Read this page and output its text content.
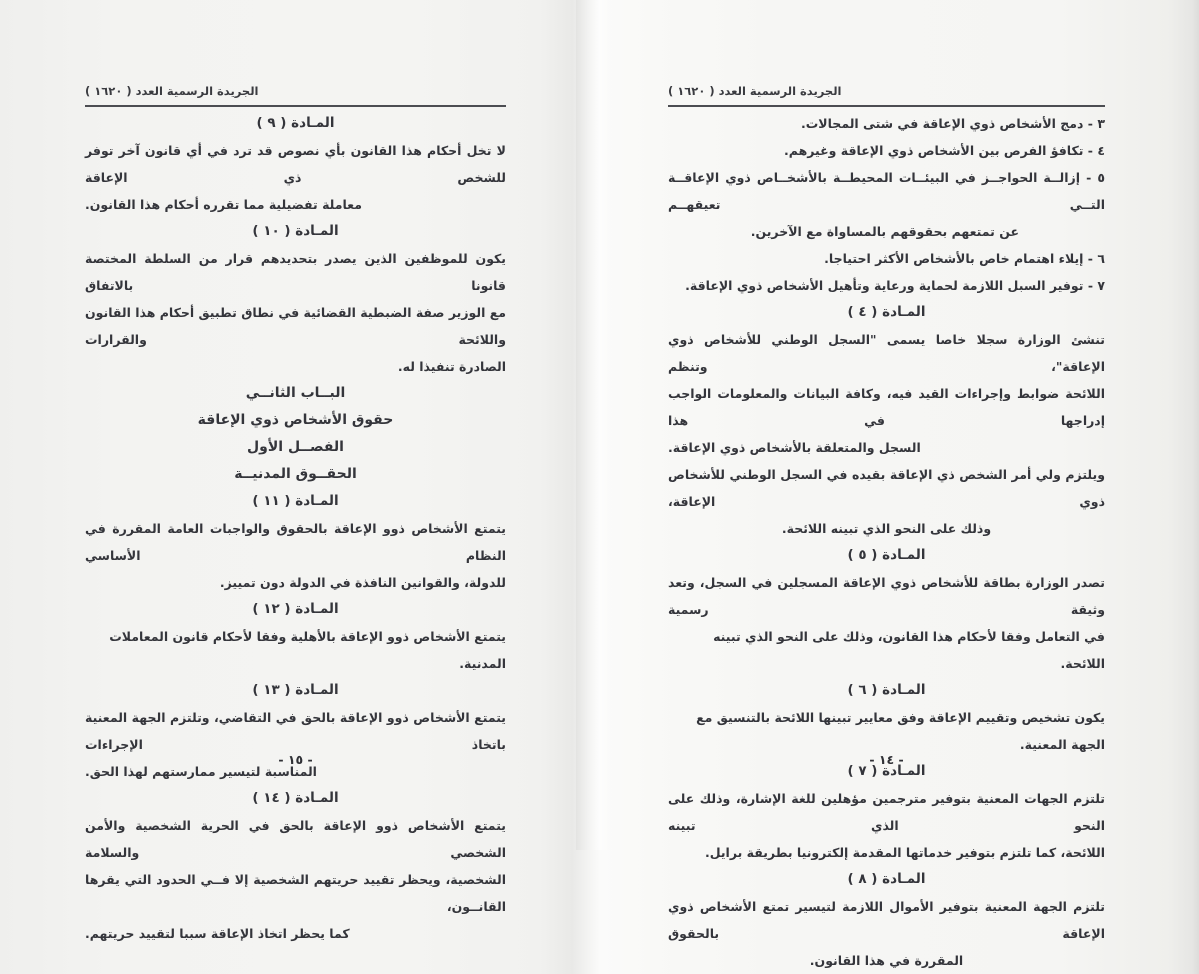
الجريدة الرسمية العدد ( ١٦٢٠ )
المـادة ( ٩ )
لا تخل أحكام هذا القانون بأي نصوص قد ترد في أي قانون آخر توفر للشخص ذي الإعاقة
معاملة تفضيلية مما تقرره أحكام هذا القانون.
المـادة ( ١٠ )
يكون للموظفين الذين يصدر بتحديدهم قرار من السلطة المختصة قانونا بالاتفاق
مع الوزير صفة الضبطية القضائية في نطاق تطبيق أحكام هذا القانون واللائحة والقرارات
الصادرة تنفيذا له.
البــاب الثانــي
حقوق الأشخاص ذوي الإعاقة
الفصــل الأول
الحقــوق المدنيــة
المـادة ( ١١ )
يتمتع الأشخاص ذوو الإعاقة بالحقوق والواجبات العامة المقررة في النظام الأساسي
للدولة، والقوانين النافذة في الدولة دون تمييز.
المـادة ( ١٢ )
يتمتع الأشخاص ذوو الإعاقة بالأهلية وفقا لأحكام قانون المعاملات المدنية.
المـادة ( ١٣ )
يتمتع الأشخاص ذوو الإعاقة بالحق في التقاضي، وتلتزم الجهة المعنية باتخاذ الإجراءات
المناسبة لتيسير ممارستهم لهذا الحق.
المـادة ( ١٤ )
يتمتع الأشخاص ذوو الإعاقة بالحق في الحرية الشخصية والأمن الشخصي والسلامة
الشخصية، ويحظر تقييد حريتهم الشخصية إلا فــي الحدود التي يقرها القانــون،
كما يحظر اتخاذ الإعاقة سببا لتقييد حريتهم.
- ١٥ -
الجريدة الرسمية العدد ( ١٦٢٠ )
٣ - دمج الأشخاص ذوي الإعاقة في شتى المجالات.
٤ - تكافؤ الفرص بين الأشخاص ذوي الإعاقة وغيرهم.
٥ - إزالــة الحواجــز في البيئــات المحيطــة بالأشخــاص ذوي الإعاقــة التــي تعيقهــم
عن تمتعهم بحقوقهم بالمساواة مع الآخرين.
٦ - إيلاء اهتمام خاص بالأشخاص الأكثر احتياجا.
٧ - توفير السبل اللازمة لحماية ورعاية وتأهيل الأشخاص ذوي الإعاقة.
المـادة ( ٤ )
تنشئ الوزارة سجلا خاصا يسمى "السجل الوطني للأشخاص ذوي الإعاقة"، وتنظم
اللائحة ضوابط وإجراءات القيد فيه، وكافة البيانات والمعلومات الواجب إدراجها في هذا
السجل والمتعلقة بالأشخاص ذوي الإعاقة.
ويلتزم ولي أمر الشخص ذي الإعاقة بقيده في السجل الوطني للأشخاص ذوي الإعاقة،
وذلك على النحو الذي تبينه اللائحة.
المـادة ( ٥ )
تصدر الوزارة بطاقة للأشخاص ذوي الإعاقة المسجلين في السجل، وتعد وثيقة رسمية
في التعامل وفقا لأحكام هذا القانون، وذلك على النحو الذي تبينه اللائحة.
المـادة ( ٦ )
يكون تشخيص وتقييم الإعاقة وفق معايير تبينها اللائحة بالتنسيق مع الجهة المعنية.
المـادة ( ٧ )
تلتزم الجهات المعنية بتوفير مترجمين مؤهلين للغة الإشارة، وذلك على النحو الذي تبينه
اللائحة، كما تلتزم بتوفير خدماتها المقدمة إلكترونيا بطريقة برايل.
المـادة ( ٨ )
تلتزم الجهة المعنية بتوفير الأموال اللازمة لتيسير تمتع الأشخاص ذوي الإعاقة بالحقوق
المقررة في هذا القانون.
- ١٤ -
